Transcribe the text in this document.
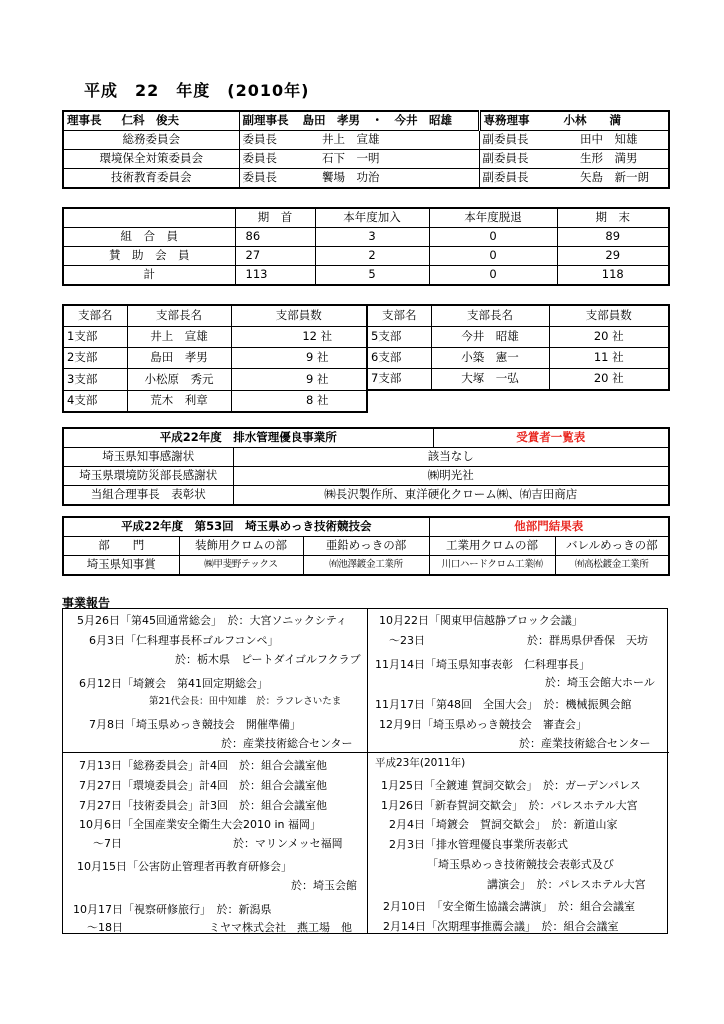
平成　22　年度　(2010年)
理事長 仁科　俊夫	副理事長 島田　孝男　・　今井　昭雄		専務理事 小林　　満	
総務委員会	委員長	井上　宣雄	副委員長	田中　知雄
環境保全対策委員会	委員長	石下　一明	副委員長	生形　満男
技術教育委員会	委員長	饗場　功治	副委員長	矢島　新一朗
	期　首	本年度加入	本年度脱退	期　末
組　合　員	86	3	0	89
賛　助　会　員	27	2	0	29
計	113	5	0	118
支部名	支部長名	支部員数	支部名	支部長名	支部員数
1支部	井上　宣雄	12 社	5支部	今井　昭雄	20 社
2支部	島田　孝男	9 社	6支部	小築　憲一	11 社
3支部	小松原　秀元	9 社	7支部	大塚　一弘	20 社
4支部	荒木　利章	8 社			
平成22年度　排水管理優良事業所		受賞者一覧表
埼玉県知事感謝状	該当なし	
埼玉県環境防災部長感謝状	㈱明光社	
当組合理事長　表彰状	㈱長沢製作所、東洋硬化クローム㈱、㈲吉田商店	
平成22年度　第53回　埼玉県めっき技術競技会			他部門結果表	
部　　門	装飾用クロムの部	亜鉛めっきの部	工業用クロムの部	バレルめっきの部
埼玉県知事賞	㈱甲斐野テックス	㈲池澤鍍金工業所	川口ハードクロム工業㈲	㈲高松鍍金工業所
事業報告
5月26日「第45回通常総会」　於：大宮ソニックシティ
6月3日「仁科理事長杯ゴルフコンペ」
於：栃木県　ピートダイゴルフクラブ
6月12日「埼鍍会　第41回定期総会」
第21代会長：田中知雄　於：ラフレさいたま
7月8日「埼玉県めっき競技会　開催準備」
於：産業技術総合センター
7月13日「総務委員会」計4回　於：組合会議室他
7月27日「環境委員会」計4回　於：組合会議室他
7月27日「技術委員会」計3回　於：組合会議室他
10月6日「全国産業安全衛生大会2010 in 福岡」
～7日	於：マリンメッセ福岡
10月15日「公害防止管理者再教育研修会」
於：埼玉会館
10月17日「視察研修旅行」　於：新潟県
～18日	ミヤマ株式会社　燕工場　他
10月22日「関東甲信越静ブロック会議」
～23日	於：群馬県伊香保　天坊
11月14日「埼玉県知事表彰　仁科理事長」
於：埼玉会館大ホール
11月17日「第48回　全国大会」　於：機械振興会館
12月9日「埼玉県めっき競技会　審査会」
於：産業技術総合センター
平成23年(2011年)
1月25日「全鍍連 賀詞交歓会」　於：ガーデンパレス
1月26日「新春賀詞交歓会」　於：パレスホテル大宮
2月4日「埼鍍会　賀詞交歓会」　於：新道山家
2月3日「排水管理優良事業所表彰式
「埼玉県めっき技術競技会表彰式及び
講演会」　於：パレスホテル大宮
2月10日　「安全衛生協議会講演」　於：組合会議室
2月14日「次期理事推薦会議」　於：組合会議室
